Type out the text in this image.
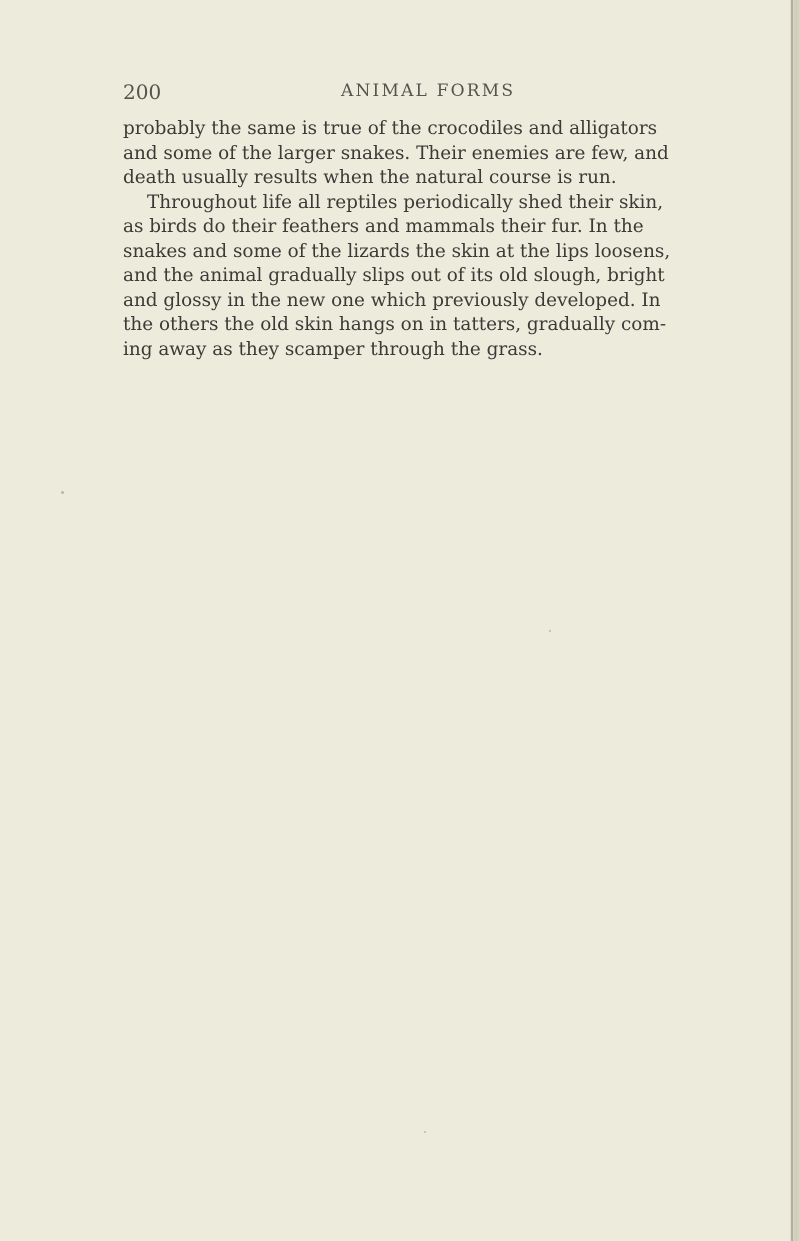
200	ANIMAL FORMS
probably the same is true of the crocodiles and alligators
and some of the larger snakes. Their enemies are few, and
death usually results when the natural course is run.
Throughout life all reptiles periodically shed their skin,
as birds do their feathers and mammals their fur. In the
snakes and some of the lizards the skin at the lips loosens,
and the animal gradually slips out of its old slough, bright
and glossy in the new one which previously developed. In
the others the old skin hangs on in tatters, gradually com-
ing away as they scamper through the grass.
